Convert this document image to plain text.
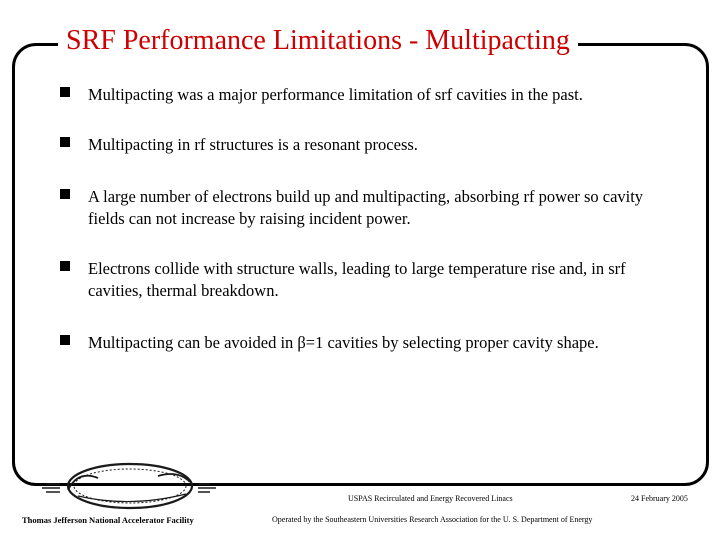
SRF Performance Limitations - Multipacting
Multipacting was a major performance limitation of srf cavities in the past.
Multipacting in rf structures is a resonant process.
A large number of electrons build up and multipacting, absorbing rf power so cavity fields can not increase by raising incident power.
Electrons collide with structure walls, leading to large temperature rise and, in srf cavities, thermal breakdown.
Multipacting can be avoided in β=1 cavities by selecting proper cavity shape.
Thomas Jefferson National Accelerator Facility
USPAS Recirculated and Energy Recovered Linacs	24 February 2005
Operated by the Southeastern Universities Research Association for the U. S. Department of Energy
